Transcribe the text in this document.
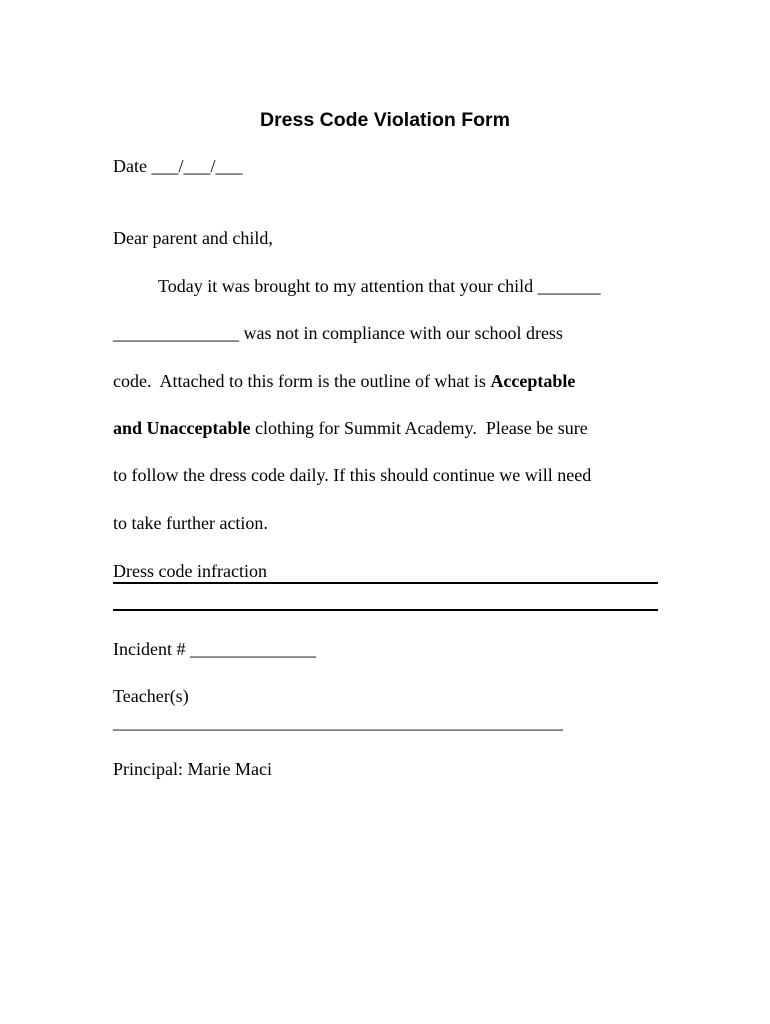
Dress Code Violation Form
Date ___/___/___
Dear parent and child,
Today it was brought to my attention that your child _______
______________ was not in compliance with our school dress
code.  Attached to this form is the outline of what is Acceptable
and Unacceptable clothing for Summit Academy.  Please be sure
to follow the dress code daily. If this should continue we will need
to take further action.
Dress code infraction
Incident # ______________
Teacher(s)
__________________________________________________
Principal: Marie Maci
